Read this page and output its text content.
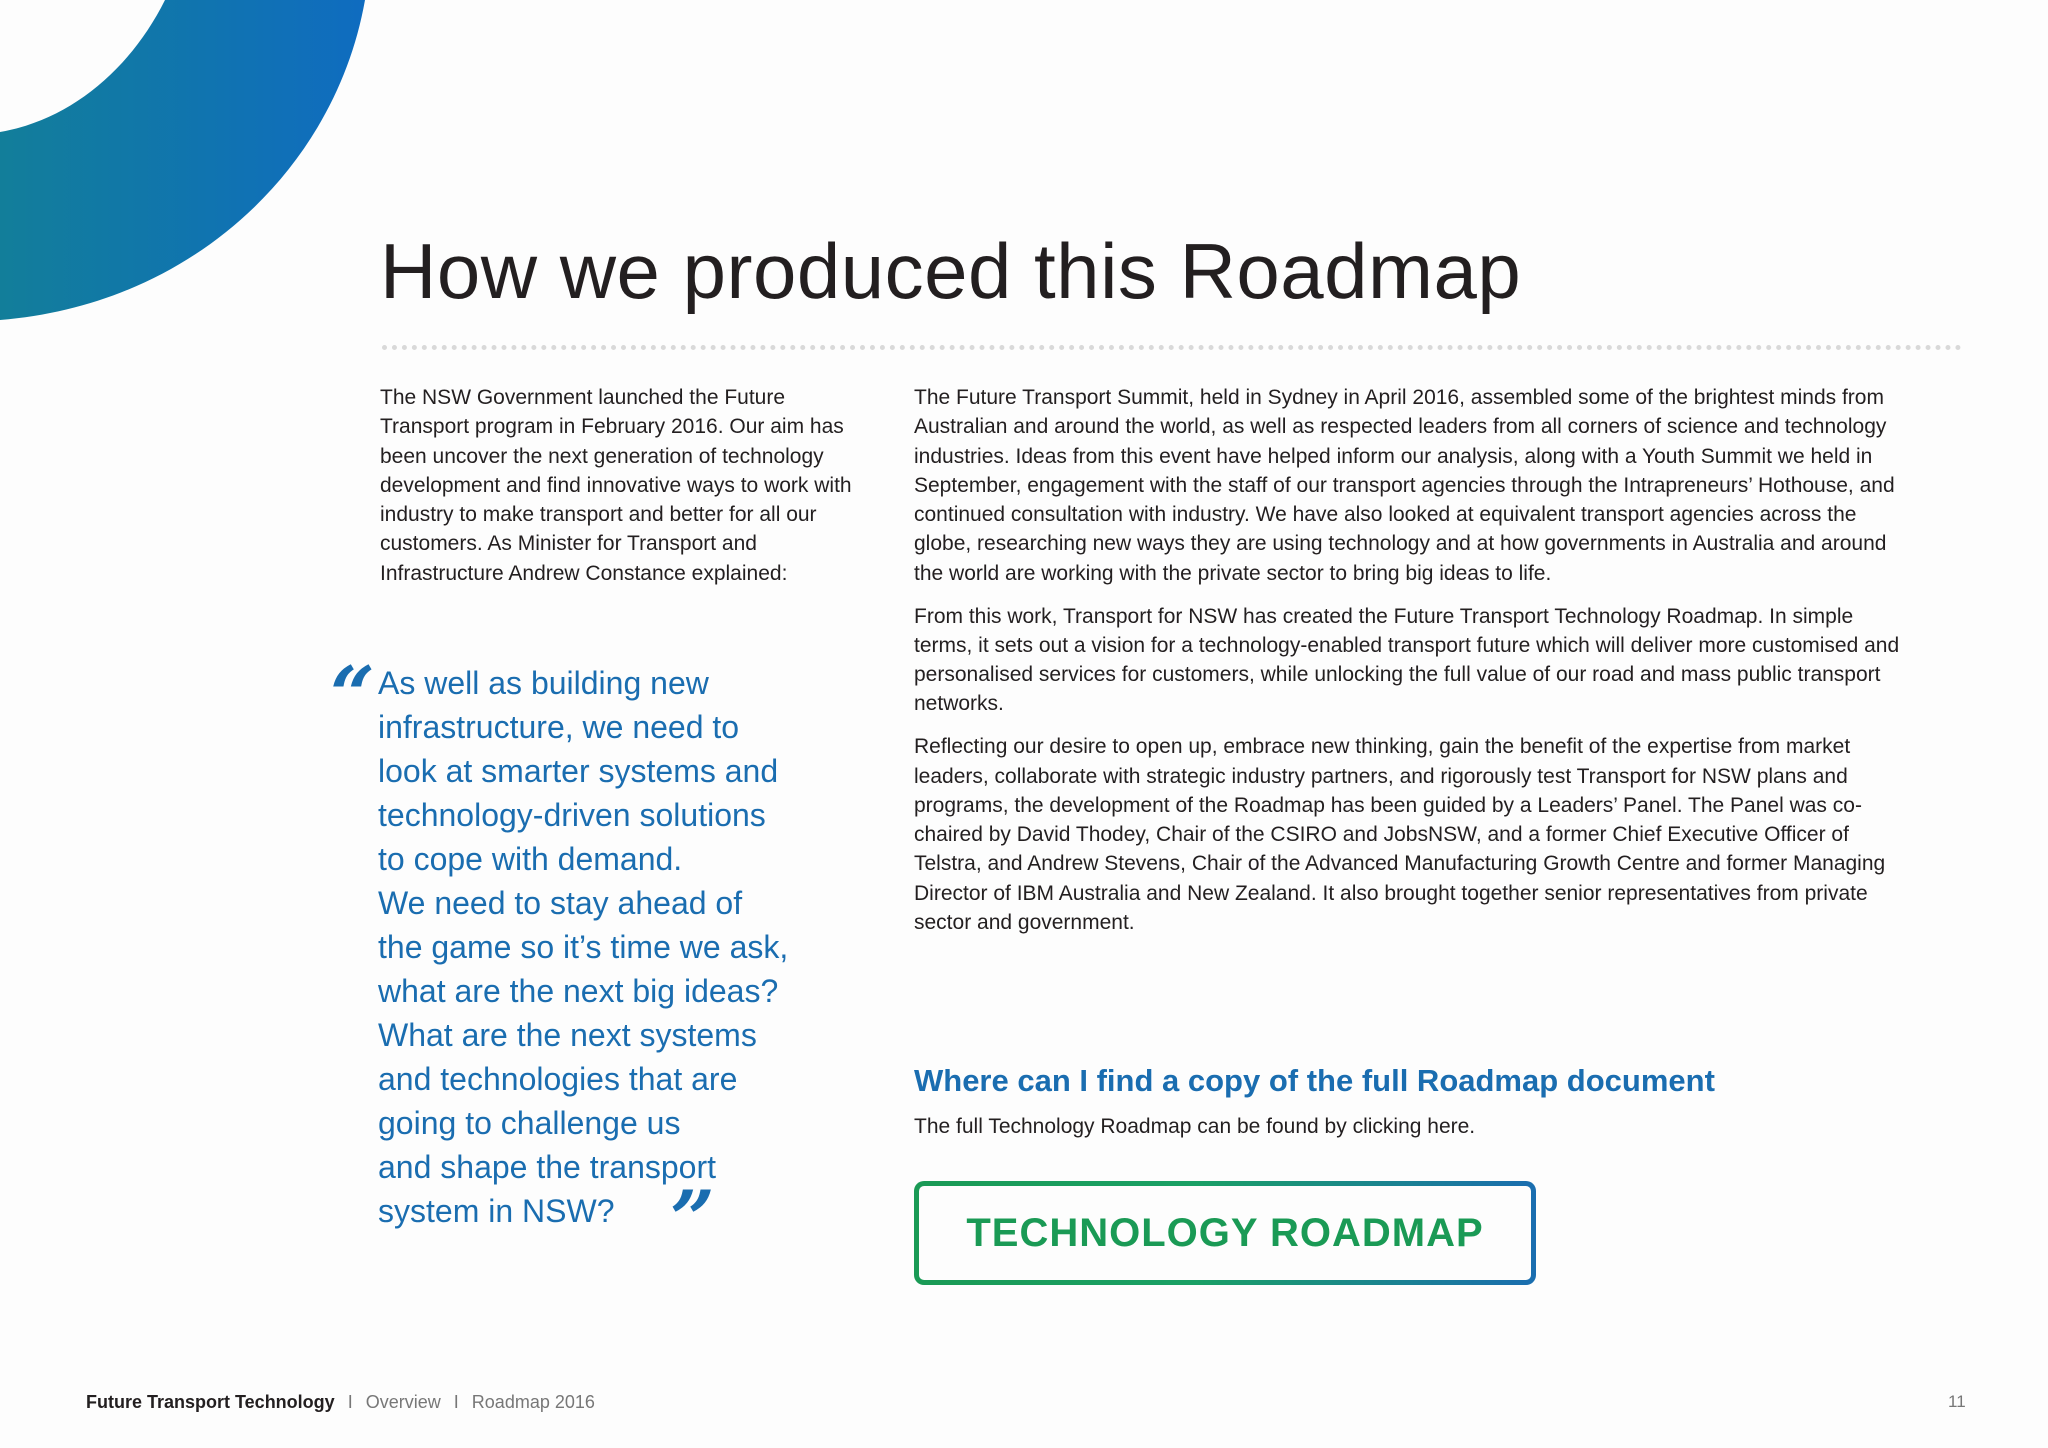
How we produced this Roadmap

The NSW Government launched the Future Transport program in February 2016. Our aim has been uncover the next generation of technology development and find innovative ways to work with industry to make transport and better for all our customers. As Minister for Transport and Infrastructure Andrew Constance explained:

“ As well as building new
infrastructure, we need to
look at smarter systems and
technology-driven solutions
to cope with demand.
We need to stay ahead of
the game so it’s time we ask,
what are the next big ideas?
What are the next systems
and technologies that are
going to challenge us
and shape the transport
system in NSW? ”

The Future Transport Summit, held in Sydney in April 2016, assembled some of the brightest minds from Australian and around the world, as well as respected leaders from all corners of science and technology industries. Ideas from this event have helped inform our analysis, along with a Youth Summit we held in September, engagement with the staff of our transport agencies through the Intrapreneurs’ Hothouse, and continued consultation with industry. We have also looked at equivalent transport agencies across the globe, researching new ways they are using technology and at how governments in Australia and around the world are working with the private sector to bring big ideas to life.

From this work, Transport for NSW has created the Future Transport Technology Roadmap. In simple terms, it sets out a vision for a technology-enabled transport future which will deliver more customised and personalised services for customers, while unlocking the full value of our road and mass public transport networks.

Reflecting our desire to open up, embrace new thinking, gain the benefit of the expertise from market leaders, collaborate with strategic industry partners, and rigorously test Transport for NSW plans and programs, the development of the Roadmap has been guided by a Leaders’ Panel. The Panel was co-chaired by David Thodey, Chair of the CSIRO and JobsNSW, and a former Chief Executive Officer of Telstra, and Andrew Stevens, Chair of the Advanced Manufacturing Growth Centre and former Managing Director of IBM Australia and New Zealand. It also brought together senior representatives from private sector and government.

Where can I find a copy of the full Roadmap document

The full Technology Roadmap can be found by clicking here.

TECHNOLOGY ROADMAP
Future Transport Technology I Overview I Roadmap 2016	11
